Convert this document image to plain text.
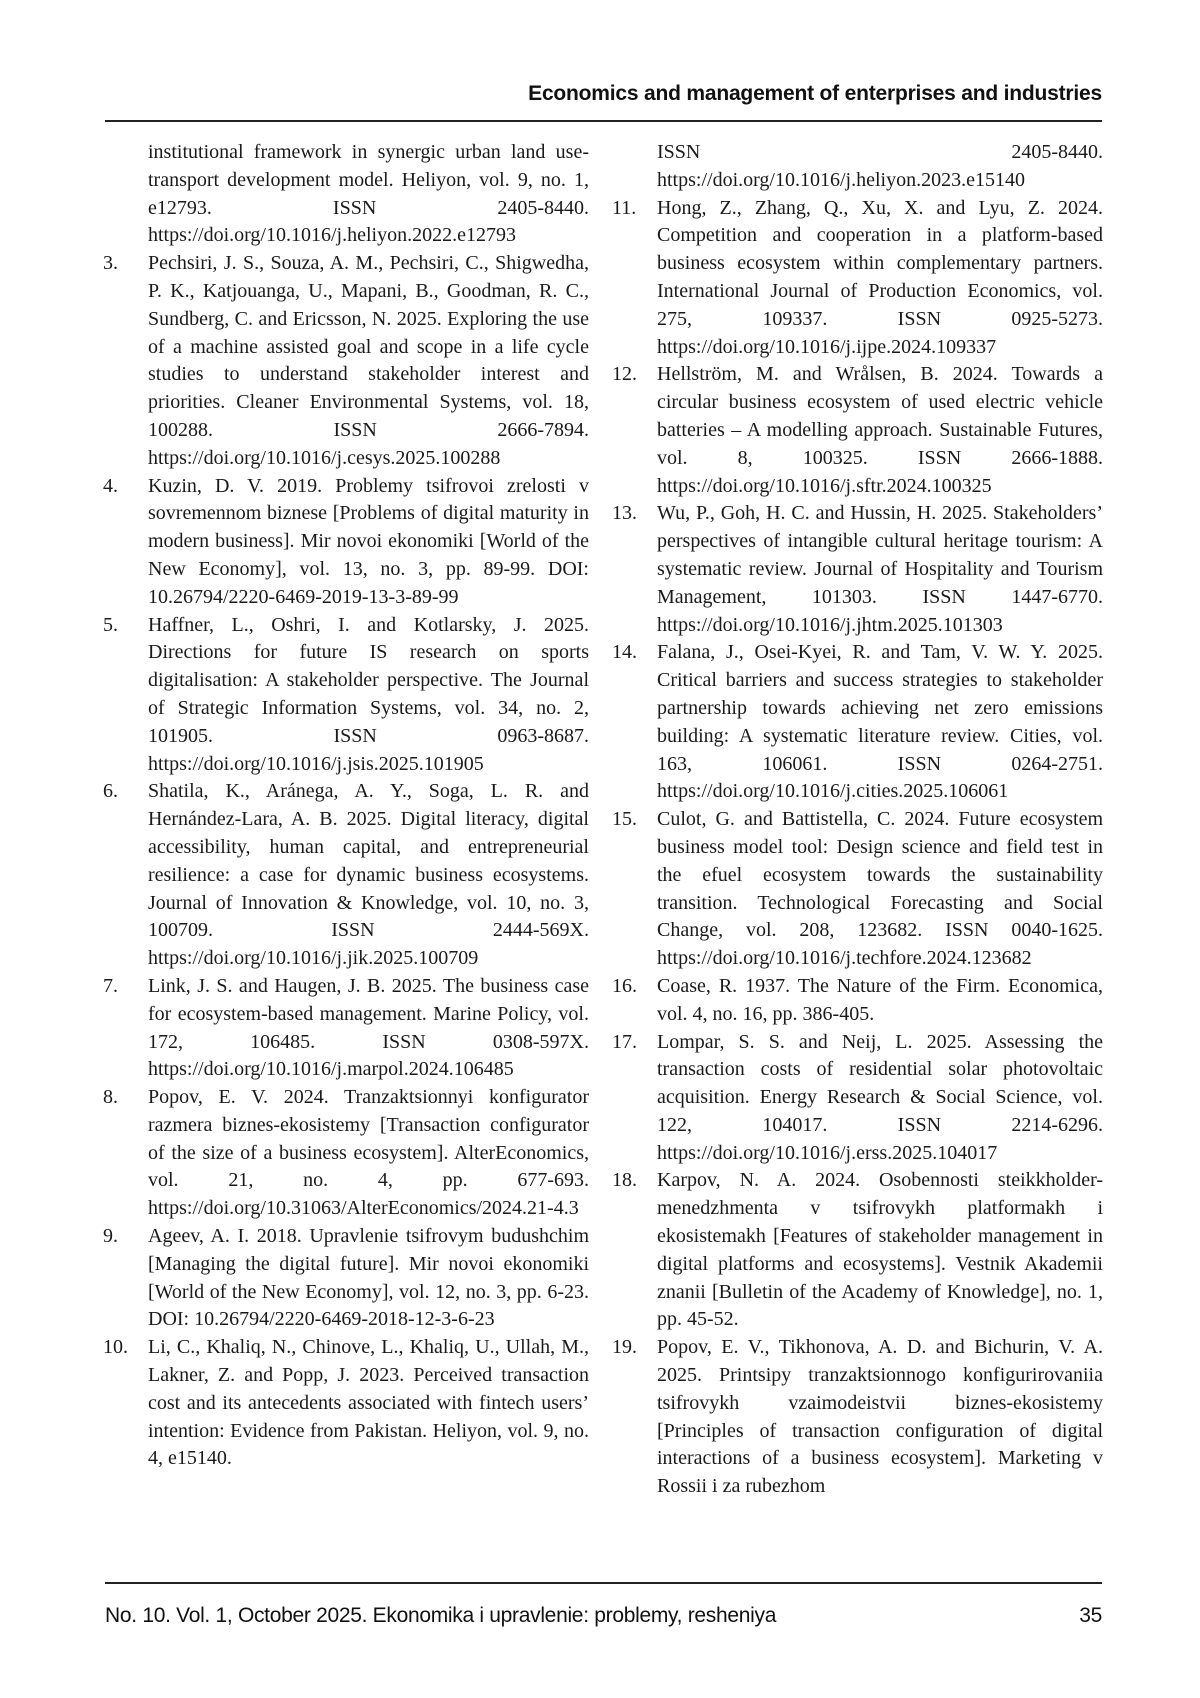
Economics and management of enterprises and industries
institutional framework in synergic urban land use-transport development model. Heliyon, vol. 9, no. 1, e12793. ISSN 2405-8440. https://doi.org/10.1016/j.heliyon.2022.e12793
3. Pechsiri, J. S., Souza, A. M., Pechsiri, C., Shigwedha, P. K., Katjouanga, U., Mapani, B., Goodman, R. C., Sundberg, C. and Ericsson, N. 2025. Exploring the use of a machine assisted goal and scope in a life cycle studies to understand stakeholder interest and priorities. Cleaner Environmental Systems, vol. 18, 100288. ISSN 2666-7894. https://doi.org/10.1016/j.cesys.2025.100288
4. Kuzin, D. V. 2019. Problemy tsifrovoi zrelosti v sovremennom biznese [Problems of digital maturity in modern business]. Mir novoi ekonomiki [World of the New Economy], vol. 13, no. 3, pp. 89-99. DOI: 10.26794/2220-6469-2019-13-3-89-99
5. Haffner, L., Oshri, I. and Kotlarsky, J. 2025. Directions for future IS research on sports digitalisation: A stakeholder perspective. The Journal of Strategic Information Systems, vol. 34, no. 2, 101905. ISSN 0963-8687. https://doi.org/10.1016/j.jsis.2025.101905
6. Shatila, K., Aránega, A. Y., Soga, L. R. and Hernández-Lara, A. B. 2025. Digital literacy, digital accessibility, human capital, and entrepreneurial resilience: a case for dynamic business ecosystems. Journal of Innovation & Knowledge, vol. 10, no. 3, 100709. ISSN 2444-569X. https://doi.org/10.1016/j.jik.2025.100709
7. Link, J. S. and Haugen, J. B. 2025. The business case for ecosystem-based management. Marine Policy, vol. 172, 106485. ISSN 0308-597X. https://doi.org/10.1016/j.marpol.2024.106485
8. Popov, E. V. 2024. Tranzaktsionnyi konfigurator razmera biznes-ekosistemy [Transaction configurator of the size of a business ecosystem]. AlterEconomics, vol. 21, no. 4, pp. 677-693. https://doi.org/10.31063/AlterEconomics/2024.21-4.3
9. Ageev, A. I. 2018. Upravlenie tsifrovym budushchim [Managing the digital future]. Mir novoi ekonomiki [World of the New Economy], vol. 12, no. 3, pp. 6-23. DOI: 10.26794/2220-6469-2018-12-3-6-23
10. Li, C., Khaliq, N., Chinove, L., Khaliq, U., Ullah, M., Lakner, Z. and Popp, J. 2023. Perceived transaction cost and its antecedents associated with fintech users’ intention: Evidence from Pakistan. Heliyon, vol. 9, no. 4, e15140.
ISSN 2405-8440. https://doi.org/10.1016/j.heliyon.2023.e15140
11. Hong, Z., Zhang, Q., Xu, X. and Lyu, Z. 2024. Competition and cooperation in a platform-based business ecosystem within complementary partners. International Journal of Production Economics, vol. 275, 109337. ISSN 0925-5273. https://doi.org/10.1016/j.ijpe.2024.109337
12. Hellström, M. and Wrålsen, B. 2024. Towards a circular business ecosystem of used electric vehicle batteries – A modelling approach. Sustainable Futures, vol. 8, 100325. ISSN 2666-1888. https://doi.org/10.1016/j.sftr.2024.100325
13. Wu, P., Goh, H. C. and Hussin, H. 2025. Stakeholders’ perspectives of intangible cultural heritage tourism: A systematic review. Journal of Hospitality and Tourism Management, 101303. ISSN 1447-6770. https://doi.org/10.1016/j.jhtm.2025.101303
14. Falana, J., Osei-Kyei, R. and Tam, V. W. Y. 2025. Critical barriers and success strategies to stakeholder partnership towards achieving net zero emissions building: A systematic literature review. Cities, vol. 163, 106061. ISSN 0264-2751. https://doi.org/10.1016/j.cities.2025.106061
15. Culot, G. and Battistella, C. 2024. Future ecosystem business model tool: Design science and field test in the efuel ecosystem towards the sustainability transition. Technological Forecasting and Social Change, vol. 208, 123682. ISSN 0040-1625. https://doi.org/10.1016/j.techfore.2024.123682
16. Coase, R. 1937. The Nature of the Firm. Economica, vol. 4, no. 16, pp. 386-405.
17. Lompar, S. S. and Neij, L. 2025. Assessing the transaction costs of residential solar photovoltaic acquisition. Energy Research & Social Science, vol. 122, 104017. ISSN 2214-6296. https://doi.org/10.1016/j.erss.2025.104017
18. Karpov, N. A. 2024. Osobennosti steikkholder-menedzhmenta v tsifrovykh platformakh i ekosistemakh [Features of stakeholder management in digital platforms and ecosystems]. Vestnik Akademii znanii [Bulletin of the Academy of Knowledge], no. 1, pp. 45-52.
19. Popov, E. V., Tikhonova, A. D. and Bichurin, V. A. 2025. Printsipy tranzaktsionnogo konfigurirovaniia tsifrovykh vzaimodeistvii biznes-ekosistemy [Principles of transaction configuration of digital interactions of a business ecosystem]. Marketing v Rossii i za rubezhom
No. 10. Vol. 1, October 2025. Ekonomika i upravlenie: problemy, resheniya	35
